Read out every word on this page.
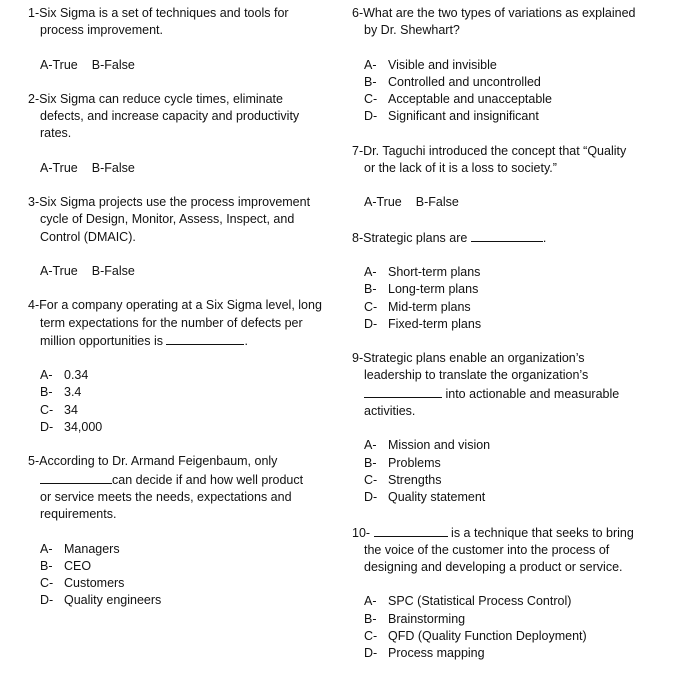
1-Six Sigma is a set of techniques and tools for
process improvement.
A-True B-False
2-Six Sigma can reduce cycle times, eliminate
defects, and increase capacity and productivity
rates.
A-True B-False
3-Six Sigma projects use the process improvement
cycle of Design, Monitor, Assess, Inspect, and
Control (DMAIC).
A-True B-False
4-For a company operating at a Six Sigma level, long
term expectations for the number of defects per
million opportunities is	.
A- 0.34
B- 3.4
C- 34
D- 34,000
5-According to Dr. Armand Feigenbaum, only
can decide if and how well product
or service meets the needs, expectations and
requirements.
A- Managers
B- CEO
C- Customers
D- Quality engineers
6-What are the two types of variations as explained
by Dr. Shewhart?
A- Visible and invisible
B- Controlled and uncontrolled
C- Acceptable and unacceptable
D- Significant and insignificant
7-Dr. Taguchi introduced the concept that “Quality
or the lack of it is a loss to society.”
A-True B-False
8-Strategic plans are	.
A- Short-term plans
B- Long-term plans
C- Mid-term plans
D- Fixed-term plans
9-Strategic plans enable an organization’s
leadership to translate the organization’s
into actionable and measurable
activities.
A- Mission and vision
B- Problems
C- Strengths
D- Quality statement
10-	is a technique that seeks to bring
the voice of the customer into the process of
designing and developing a product or service.
A- SPC (Statistical Process Control)
B- Brainstorming
C- QFD (Quality Function Deployment)
D- Process mapping
